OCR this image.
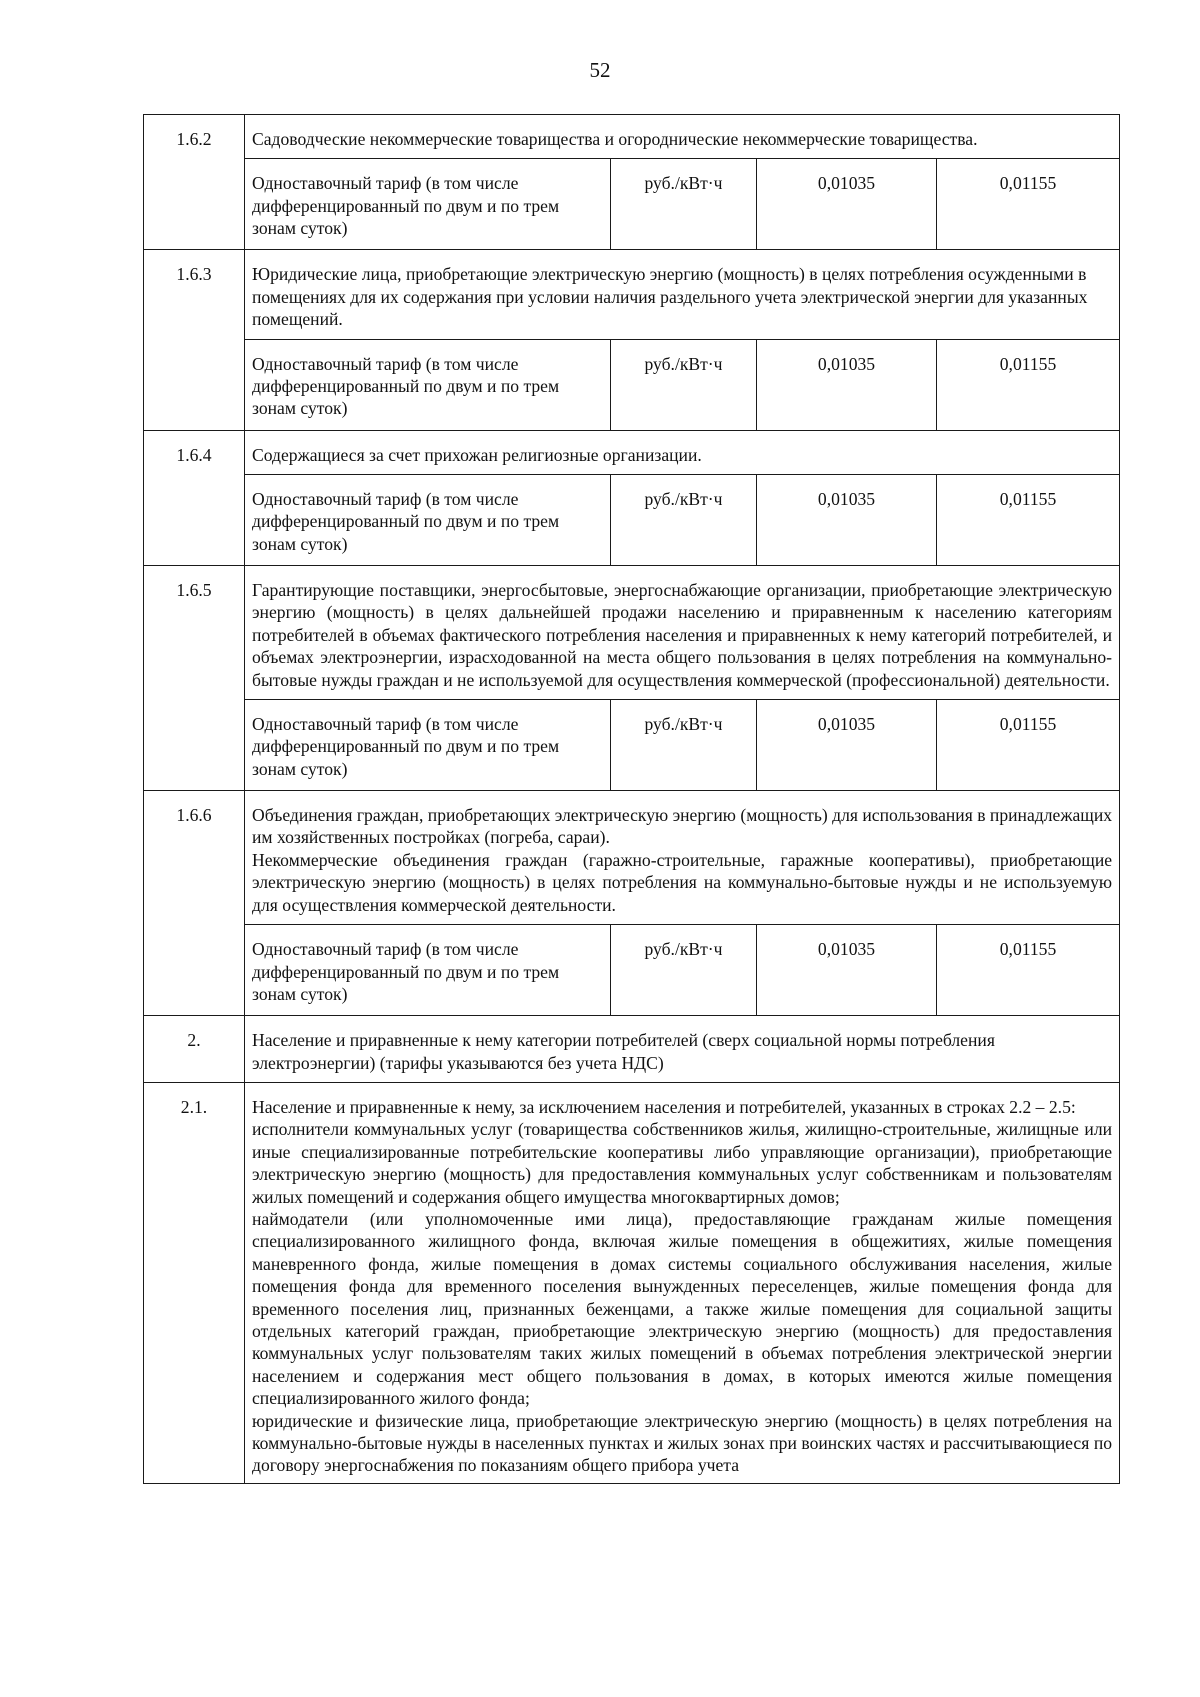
52
1.6.2	Садоводческие некоммерческие товарищества и огороднические некоммерческие товарищества.			
	Одноставочный тариф (в том числе дифференцированный по двум и по трем зонам суток)	руб./кВт·ч	0,01035	0,01155
1.6.3	Юридические лица, приобретающие электрическую энергию (мощность) в целях потребления осужденными в помещениях для их содержания при условии наличия раздельного учета электрической энергии для указанных помещений.			
	Одноставочный тариф (в том числе дифференцированный по двум и по трем зонам суток)	руб./кВт·ч	0,01035	0,01155
1.6.4	Содержащиеся за счет прихожан религиозные организации.			
	Одноставочный тариф (в том числе дифференцированный по двум и по трем зонам суток)	руб./кВт·ч	0,01035	0,01155
1.6.5	Гарантирующие поставщики, энергосбытовые, энергоснабжающие организации, приобретающие электрическую энергию (мощность) в целях дальнейшей продажи населению и приравненным к населению категориям потребителей в объемах фактического потребления населения и приравненных к нему категорий потребителей, и объемах электроэнергии, израсходованной на места общего пользования в целях потребления на коммунально-бытовые нужды граждан и не используемой для осуществления коммерческой (профессиональной) деятельности.			
	Одноставочный тариф (в том числе дифференцированный по двум и по трем зонам суток)	руб./кВт·ч	0,01035	0,01155
1.6.6	Объединения граждан, приобретающих электрическую энергию (мощность) для использования в принадлежащих им хозяйственных постройках (погреба, сараи).

Некоммерческие объединения граждан (гаражно-строительные, гаражные кооперативы), приобретающие электрическую энергию (мощность) в целях потребления на коммунально-бытовые нужды и не используемую для осуществления коммерческой деятельности.			

	Одноставочный тариф (в том числе дифференцированный по двум и по трем зонам суток)	руб./кВт·ч	0,01035	0,01155
2.	Население и приравненные к нему категории потребителей (сверх социальной нормы потребления электроэнергии) (тарифы указываются без учета НДС)			
2.1.	Население и приравненные к нему, за исключением населения и потребителей, указанных в строках 2.2 – 2.5:

исполнители коммунальных услуг (товарищества собственников жилья, жилищно-строительные, жилищные или иные специализированные потребительские кооперативы либо управляющие организации), приобретающие электрическую энергию (мощность) для предоставления коммунальных услуг собственникам и пользователям жилых помещений и содержания общего имущества многоквартирных домов;

наймодатели (или уполномоченные ими лица), предоставляющие гражданам жилые помещения специализированного жилищного фонда, включая жилые помещения в общежитиях, жилые помещения маневренного фонда, жилые помещения в домах системы социального обслуживания населения, жилые помещения фонда для временного поселения вынужденных переселенцев, жилые помещения фонда для временного поселения лиц, признанных беженцами, а также жилые помещения для социальной защиты отдельных категорий граждан, приобретающие электрическую энергию (мощность) для предоставления коммунальных услуг пользователям таких жилых помещений в объемах потребления электрической энергии населением и содержания мест общего пользования в домах, в которых имеются жилые помещения специализированного жилого фонда;

юридические и физические лица, приобретающие электрическую энергию (мощность) в целях потребления на коммунально-бытовые нужды в населенных пунктах и жилых зонах при воинских частях и рассчитывающиеся по договору энергоснабжения по показаниям общего прибора учета			
